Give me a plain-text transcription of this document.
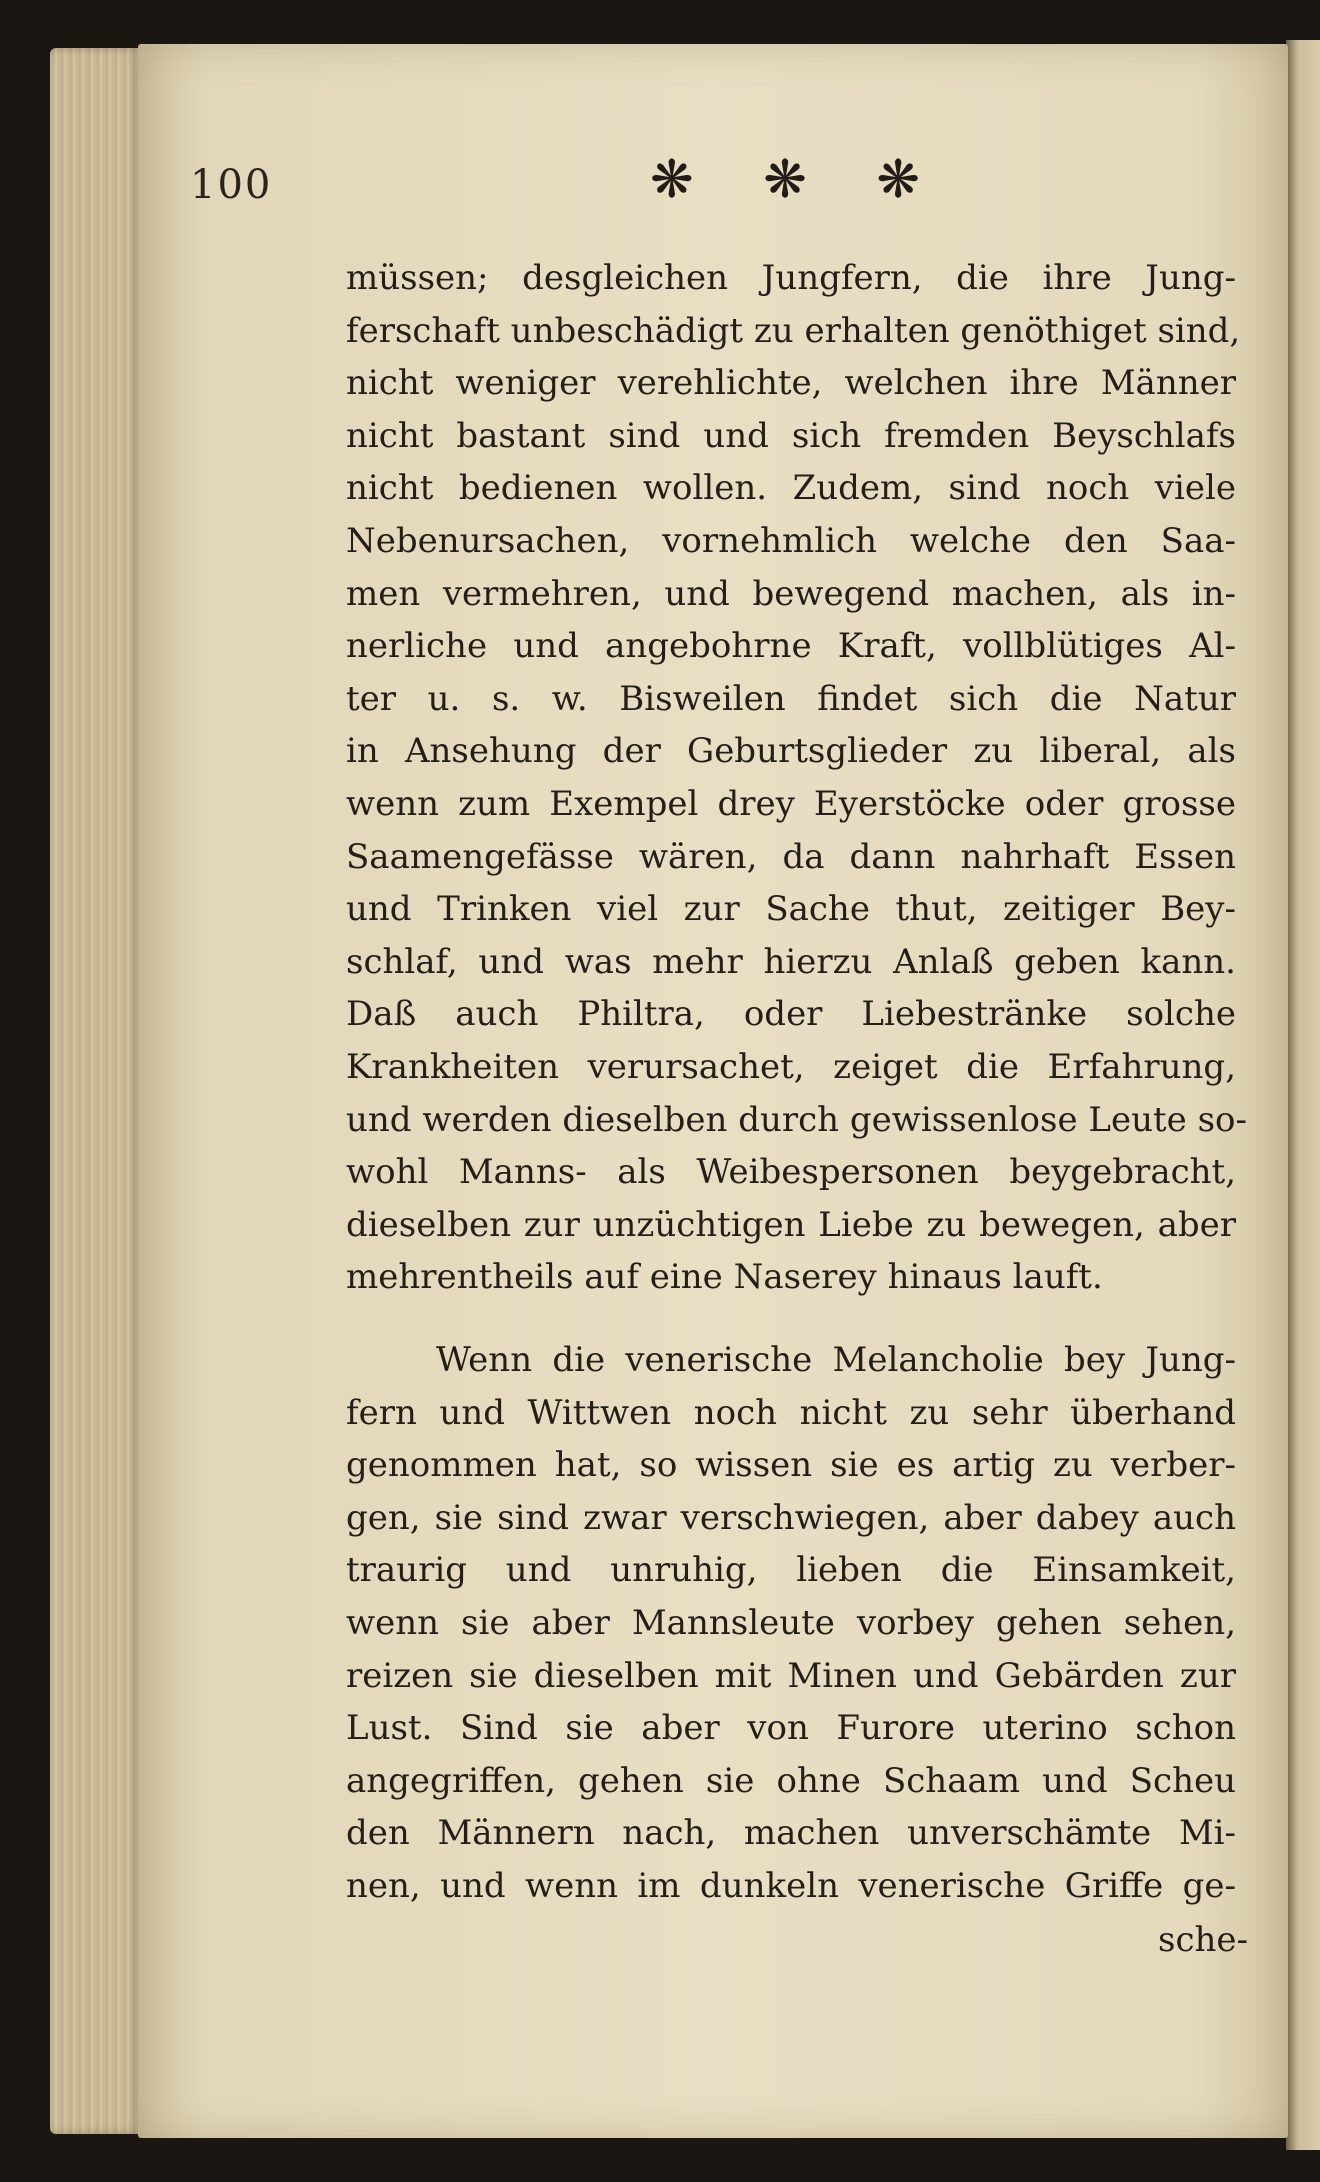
100	❋ ❋ ❋
müssen; desgleichen Jungfern, die ihre Jung-
ferschaft unbeschädigt zu erhalten genöthiget sind,
nicht weniger verehlichte, welchen ihre Männer
nicht bastant sind und sich fremden Beyschlafs
nicht bedienen wollen. Zudem, sind noch viele
Nebenursachen, vornehmlich welche den Saa-
men vermehren, und bewegend machen, als in-
nerliche und angebohrne Kraft, vollblütiges Al-
ter u. s. w. Bisweilen findet sich die Natur
in Ansehung der Geburtsglieder zu liberal, als
wenn zum Exempel drey Eyerstöcke oder grosse
Saamengefässe wären, da dann nahrhaft Essen
und Trinken viel zur Sache thut, zeitiger Bey-
schlaf, und was mehr hierzu Anlaß geben kann.
Daß auch Philtra, oder Liebestränke solche
Krankheiten verursachet, zeiget die Erfahrung,
und werden dieselben durch gewissenlose Leute so-
wohl Manns- als Weibespersonen beygebracht,
dieselben zur unzüchtigen Liebe zu bewegen, aber
mehrentheils auf eine Naserey hinaus lauft.
Wenn die venerische Melancholie bey Jung-
fern und Wittwen noch nicht zu sehr überhand
genommen hat, so wissen sie es artig zu verber-
gen, sie sind zwar verschwiegen, aber dabey auch
traurig und unruhig, lieben die Einsamkeit,
wenn sie aber Mannsleute vorbey gehen sehen,
reizen sie dieselben mit Minen und Gebärden zur
Lust. Sind sie aber von Furore uterino schon
angegriffen, gehen sie ohne Schaam und Scheu
den Männern nach, machen unverschämte Mi-
nen, und wenn im dunkeln venerische Griffe ge-
sche-
